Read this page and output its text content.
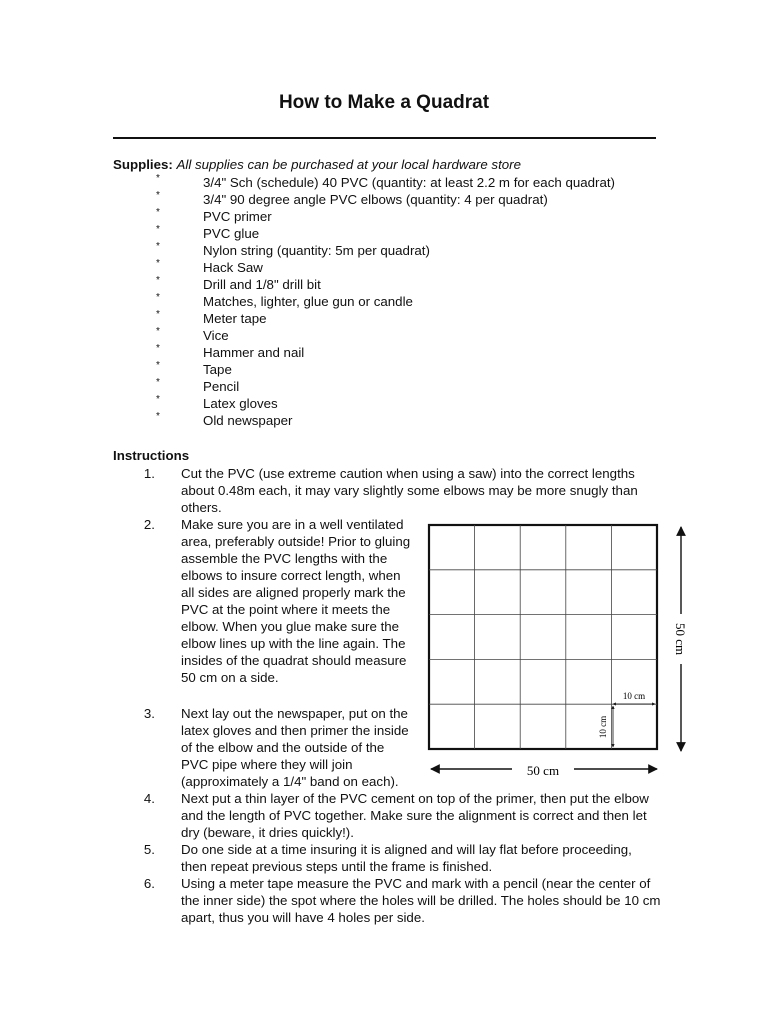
How to Make a Quadrat
Supplies: All supplies can be purchased at your local hardware store
*	3/4" Sch (schedule) 40 PVC (quantity: at least 2.2 m for each quadrat)
*	3/4" 90 degree angle PVC elbows (quantity: 4 per quadrat)
*	PVC primer
*	PVC glue
*	Nylon string (quantity: 5m per quadrat)
*	Hack Saw
*	Drill and 1/8" drill bit
*	Matches, lighter, glue gun or candle
*	Meter tape
*	Vice
*	Hammer and nail
*	Tape
*	Pencil
*	Latex gloves
*	Old newspaper
Instructions
1. Cut the PVC (use extreme caution when using a saw) into the correct lengths about 0.48m each, it may vary slightly some elbows may be more snugly than others.
2. Make sure you are in a well ventilated area, preferably outside! Prior to gluing assemble the PVC lengths with the elbows to insure correct length, when all sides are aligned properly mark the PVC at the point where it meets the elbow. When you glue make sure the elbow lines up with the line again. The insides of the quadrat should measure 50 cm on a side.
3. Next lay out the newspaper, put on the latex gloves and then primer the inside of the elbow and the outside of the PVC pipe where they will join (approximately a 1/4" band on each).
4. Next put a thin layer of the PVC cement on top of the primer, then put the elbow and the length of PVC together. Make sure the alignment is correct and then let dry (beware, it dries quickly!).
5. Do one side at a time insuring it is aligned and will lay flat before proceeding, then repeat previous steps until the frame is finished.
6. Using a meter tape measure the PVC and mark with a pencil (near the center of the inner side) the spot where the holes will be drilled. The holes should be 10 cm apart, thus you will have 4 holes per side.
50 cm
50 cm
10 cm
10 cm
